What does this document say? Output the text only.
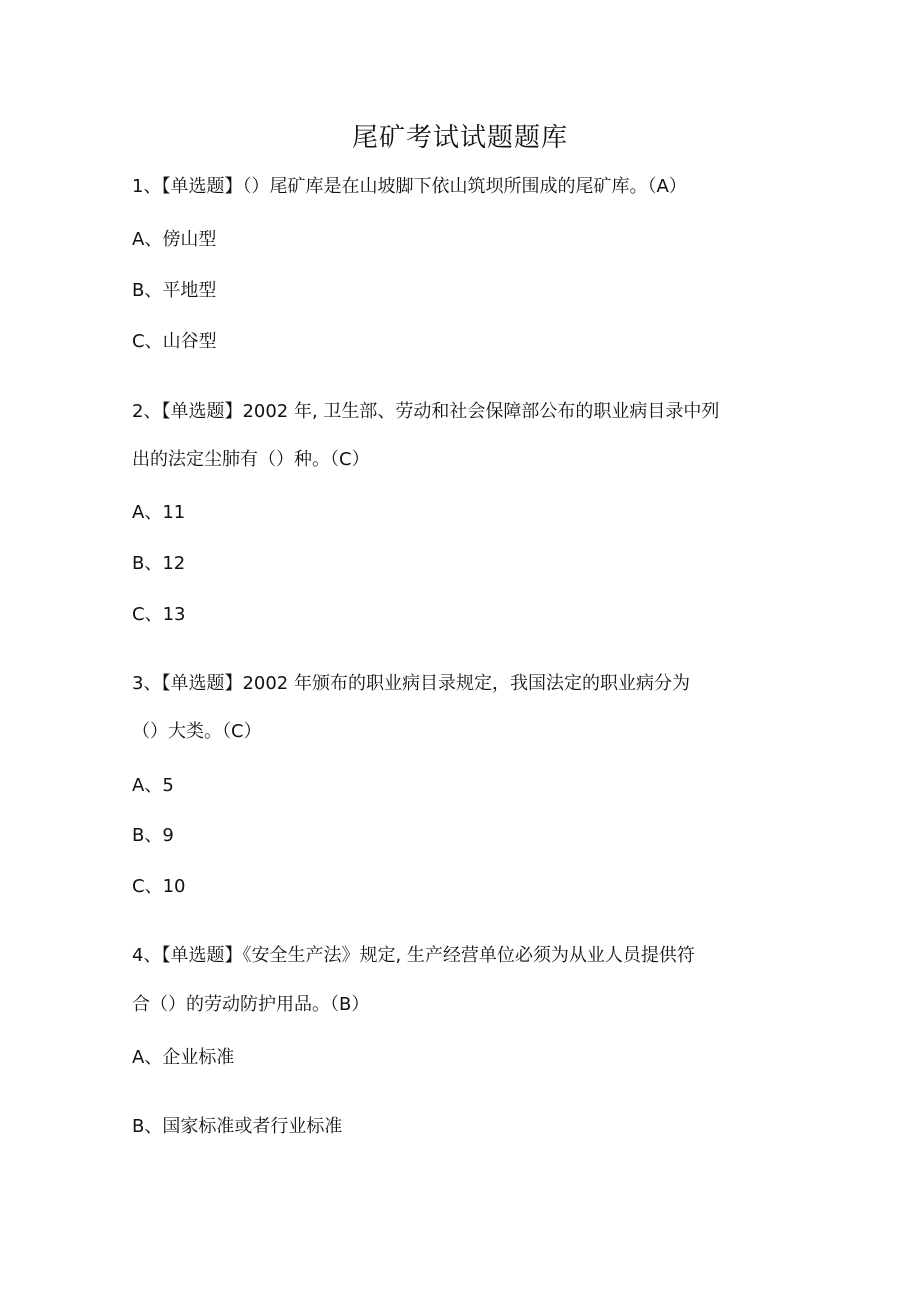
尾矿考试试题题库
1、【单选题】（）尾矿库是在山坡脚下依山筑坝所围成的尾矿库。（A）
A、傍山型
B、平地型
C、山谷型
2、【单选题】2002 年, 卫生部、劳动和社会保障部公布的职业病目录中列
出的法定尘肺有（）种。（C）
A、11
B、12
C、13
3、【单选题】2002 年颁布的职业病目录规定，我国法定的职业病分为
（）大类。（C）
A、5
B、9
C、10
4、【单选题】《安全生产法》规定, 生产经营单位必须为从业人员提供符
合（）的劳动防护用品。（B）
A、企业标准
B、国家标准或者行业标准
